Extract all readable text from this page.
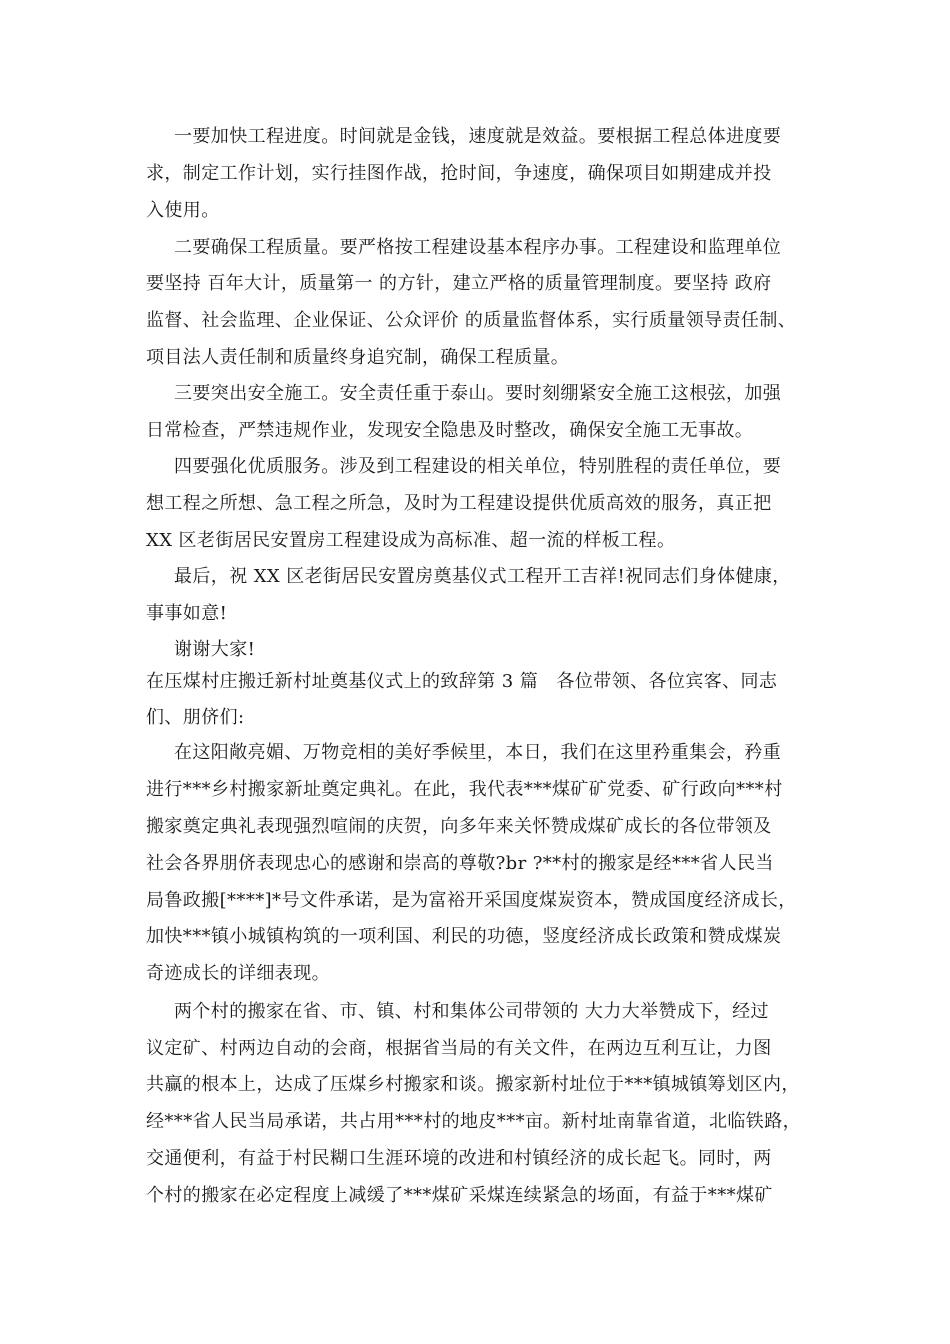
一要加快工程进度。时间就是金钱，速度就是效益。要根据工程总体进度要
求，制定工作计划，实行挂图作战，抢时间，争速度，确保项目如期建成并投
入使用。
二要确保工程质量。要严格按工程建设基本程序办事。工程建设和监理单位
要坚持 百年大计，质量第一 的方针，建立严格的质量管理制度。要坚持 政府
监督、社会监理、企业保证、公众评价 的质量监督体系，实行质量领导责任制、
项目法人责任制和质量终身追究制，确保工程质量。
三要突出安全施工。安全责任重于泰山。要时刻绷紧安全施工这根弦，加强
日常检查，严禁违规作业，发现安全隐患及时整改，确保安全施工无事故。
四要强化优质服务。涉及到工程建设的相关单位，特别胜程的责任单位，要
想工程之所想、急工程之所急，及时为工程建设提供优质高效的服务，真正把
XX 区老街居民安置房工程建设成为高标准、超一流的样板工程。
最后，祝 XX 区老街居民安置房奠基仪式工程开工吉祥!祝同志们身体健康，
事事如意!
谢谢大家!
在压煤村庄搬迁新村址奠基仪式上的致辞第 3 篇　各位带领、各位宾客、同志
们、朋侪们:
在这阳敞亮媚、万物竞相的美好季候里，本日，我们在这里矜重集会，矜重
进行***乡村搬家新址奠定典礼。在此，我代表***煤矿矿党委、矿行政向***村
搬家奠定典礼表现强烈喧闹的庆贺，向多年来关怀赞成煤矿成长的各位带领及
社会各界朋侪表现忠心的感谢和崇高的尊敬?br ?**村的搬家是经***省人民当
局鲁政搬[****]*号文件承诺，是为富裕开采国度煤炭资本，赞成国度经济成长，
加快***镇小城镇构筑的一项利国、利民的功德，竖度经济成长政策和赞成煤炭
奇迹成长的详细表现。
两个村的搬家在省、市、镇、村和集体公司带领的 大力大举赞成下，经过
议定矿、村两边自动的会商，根据省当局的有关文件，在两边互利互让，力图
共赢的根本上，达成了压煤乡村搬家和谈。搬家新村址位于***镇城镇筹划区内，
经***省人民当局承诺，共占用***村的地皮***亩。新村址南靠省道，北临铁路，
交通便利，有益于村民糊口生涯环境的改进和村镇经济的成长起飞。同时，两
个村的搬家在必定程度上减缓了***煤矿采煤连续紧急的场面，有益于***煤矿
